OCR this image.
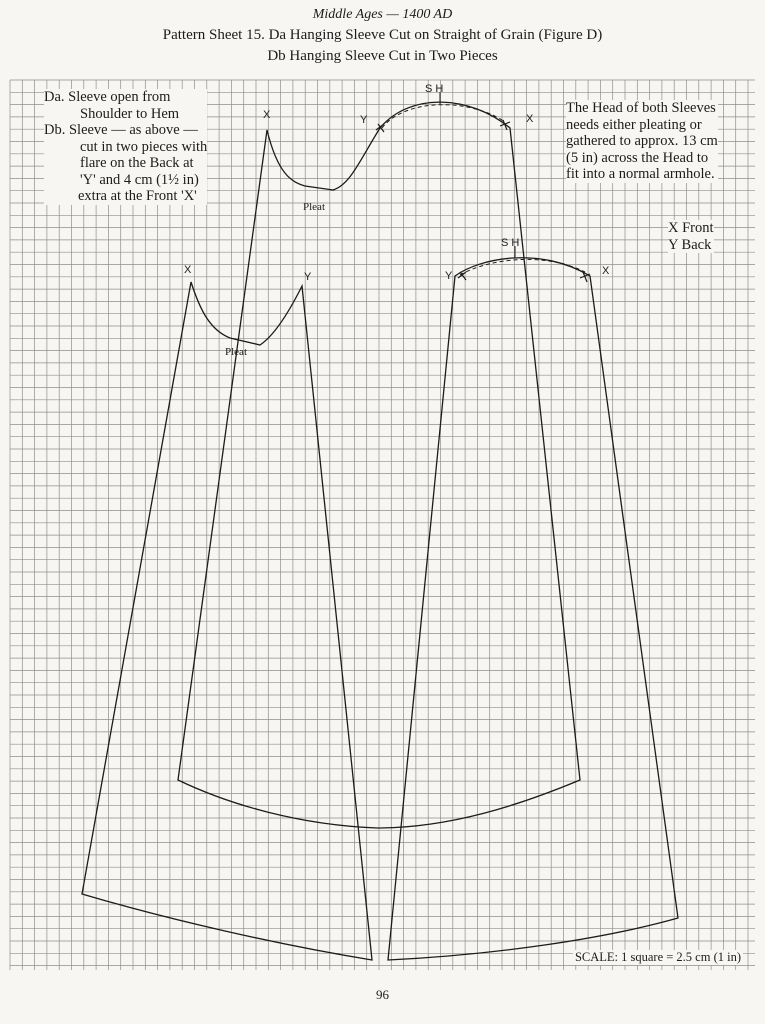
Middle Ages — 1400 AD
Pattern Sheet 15. Da Hanging Sleeve Cut on Straight of Grain (Figure D)
Db Hanging Sleeve Cut in Two Pieces
Da. Sleeve open from
Shoulder to Hem
Db. Sleeve — as above —
cut in two pieces with
flare on the Back at
'Y' and 4 cm (1½ in)
extra at the Front 'X'
The Head of both Sleeves
needs either pleating or
gathered to approx. 13 cm
(5 in) across the Head to
fit into a normal armhole.
X Front
Y Back
X	Y
S H
X
Pleat
X
Y
Pleat
Y
S H
X
SCALE: 1 square = 2.5 cm (1 in)
96
